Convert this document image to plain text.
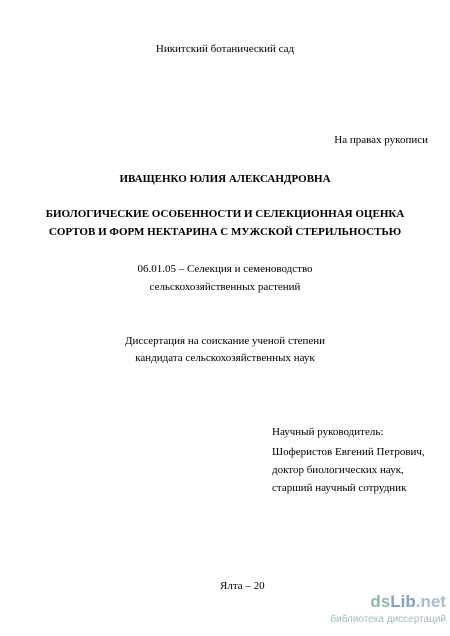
Никитский ботанический сад
На правах рукописи
ИВАЩЕНКО ЮЛИЯ АЛЕКСАНДРОВНА
БИОЛОГИЧЕСКИЕ ОСОБЕННОСТИ И СЕЛЕКЦИОННАЯ ОЦЕНКА
СОРТОВ И ФОРМ НЕКТАРИНА С МУЖСКОЙ СТЕРИЛЬНОСТЬЮ
06.01.05 – Селекция и семеноводство
сельскохозяйственных растений
Диссертация на соискание ученой степени
кандидата сельскохозяйственных наук
Научный руководитель:
Шоферистов Евгений Петрович,
доктор биологических наук,
старший научный сотрудник
Ялта – 20
ds Lib .net
библиотека диссертаций
